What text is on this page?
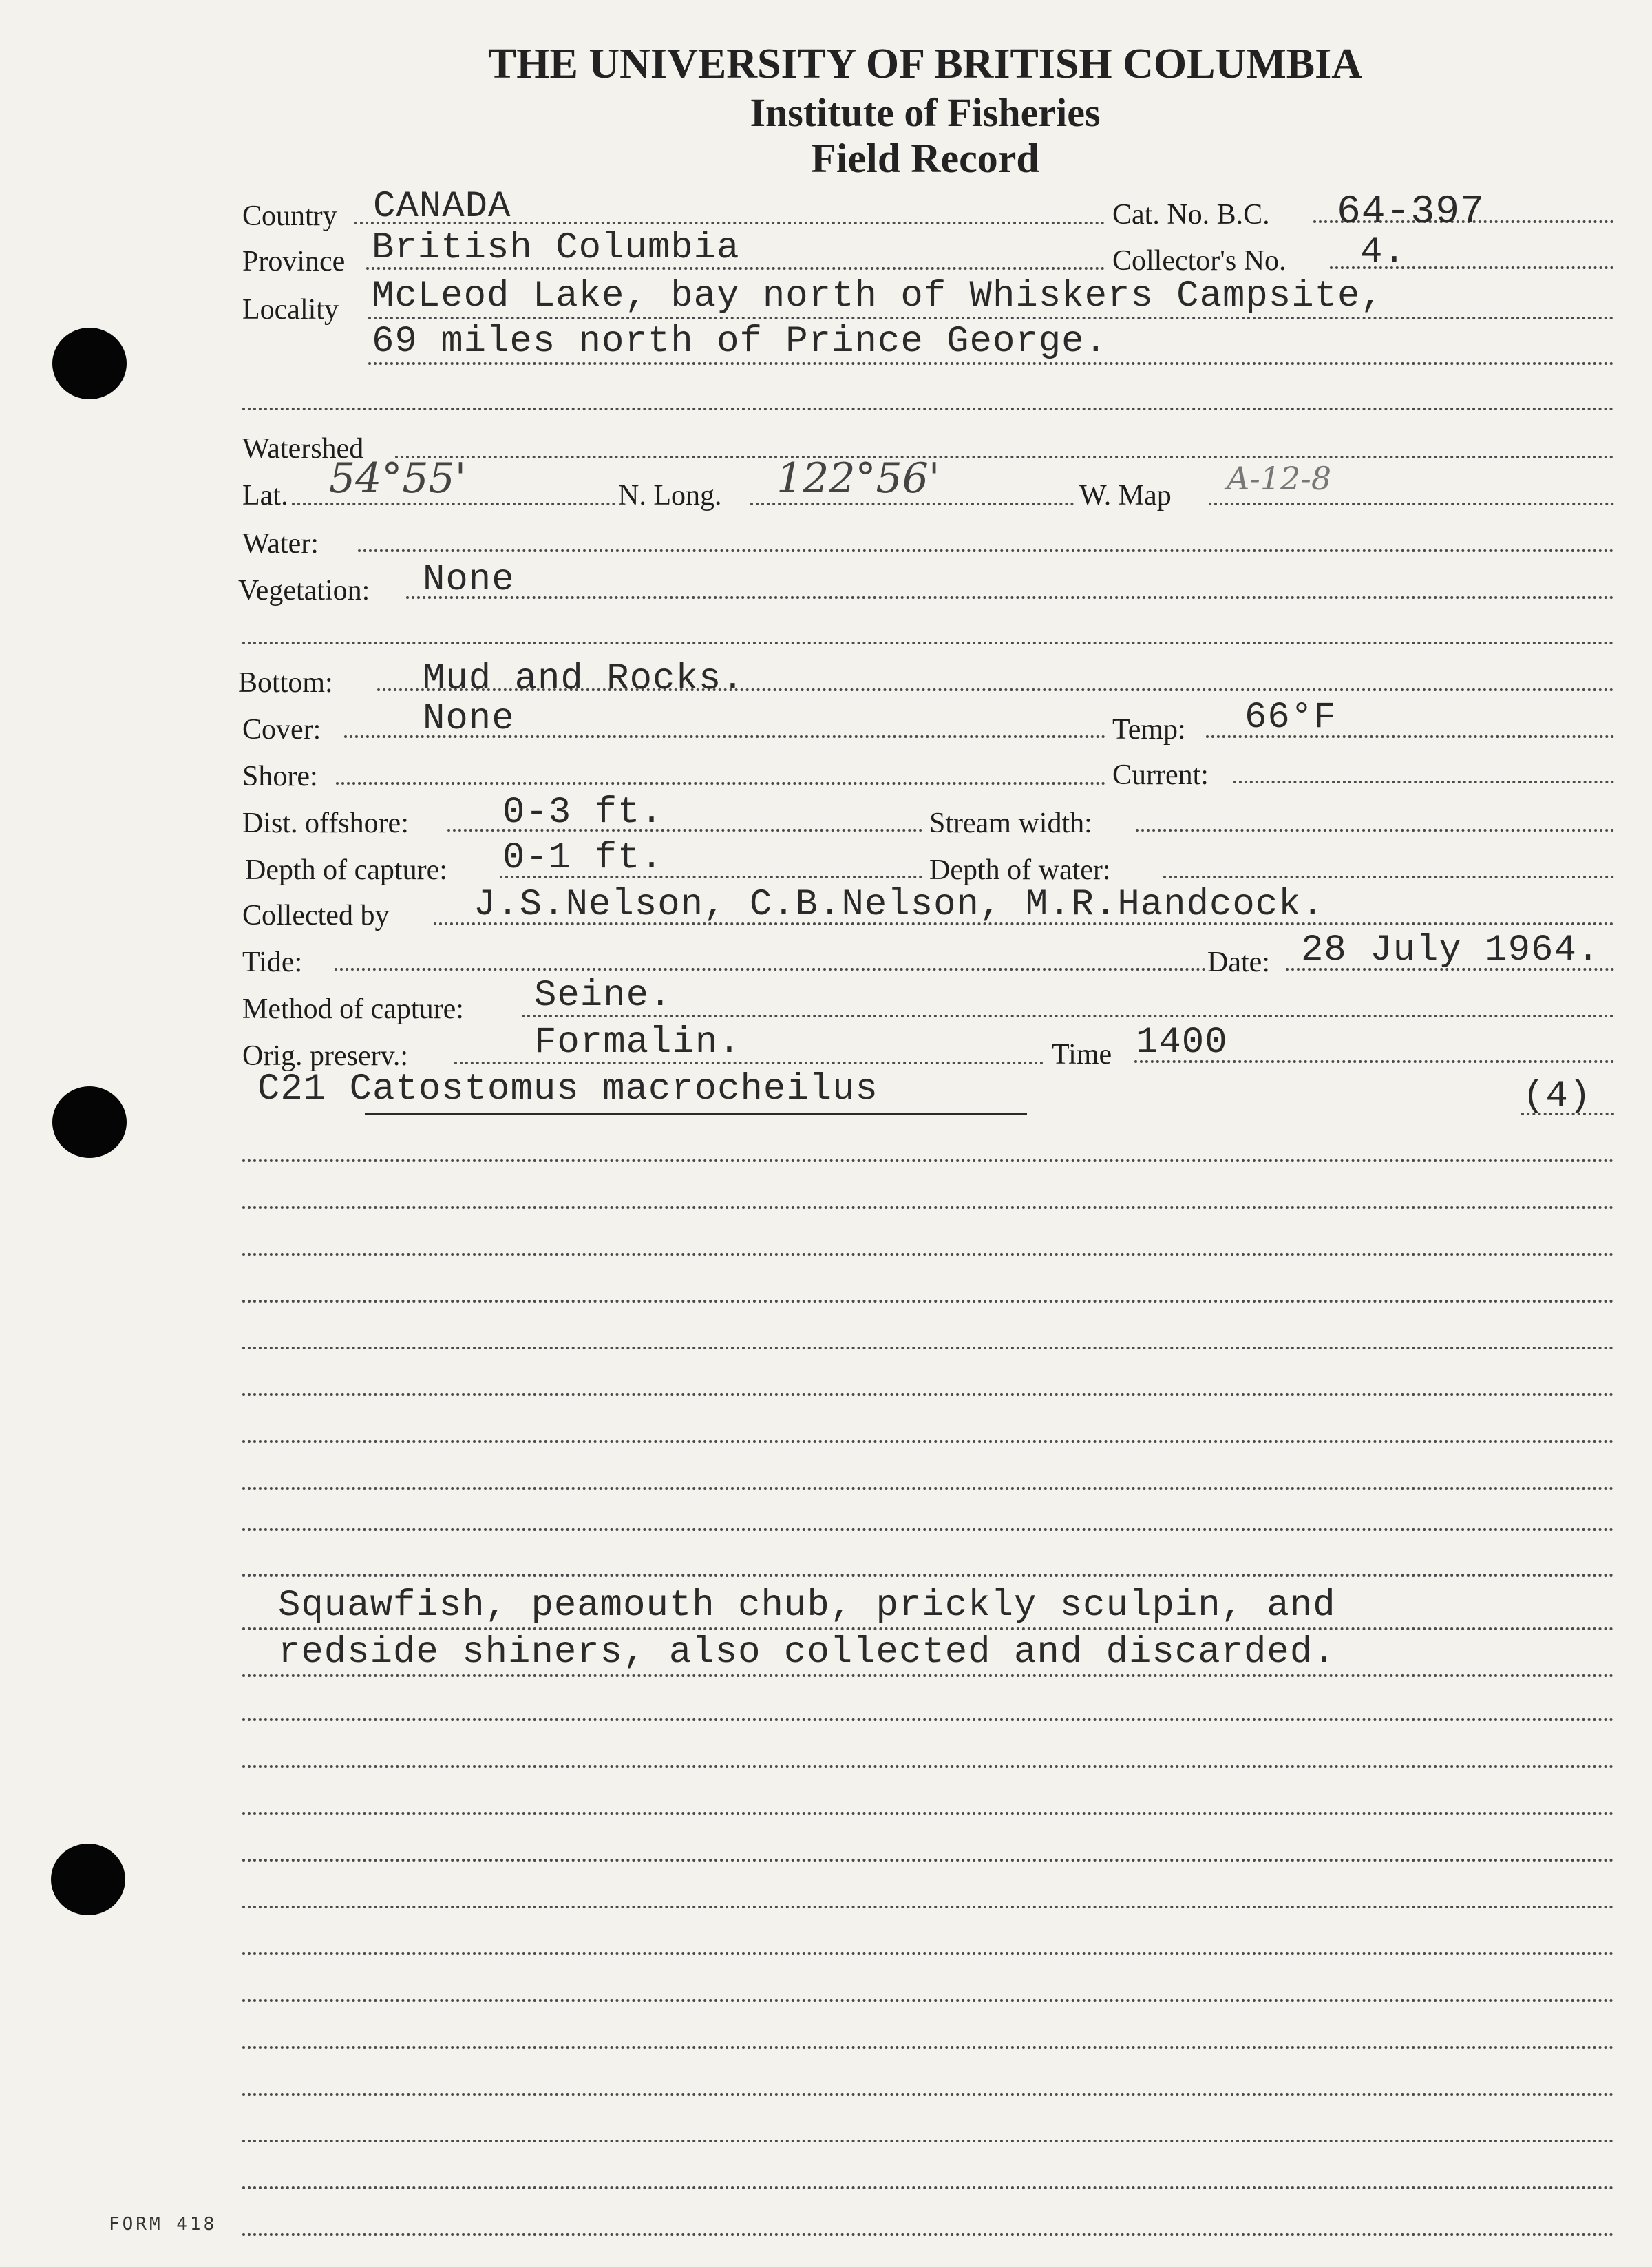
THE UNIVERSITY OF BRITISH COLUMBIA
Institute of Fisheries
Field Record
Country CANADA	Cat. No. B.C. 64-397
Province British Columbia	Collector's No. 4.
Locality McLeod Lake, bay north of Whiskers Campsite,
69 miles north of Prince George.
Watershed
Lat. 54°55'	N. Long. 122°56'	W. Map A-12-8
Water:
Vegetation: None
Bottom: Mud and Rocks.
Cover:	None	Temp: 66°F
Shore:	Current:
Dist. offshore:	0-3 ft.	Stream width:
Depth of capture: 0-1 ft.	Depth of water:
Collected by J.S.Nelson, C.B.Nelson, M.R.Handcock.
Tide:	Date: 28 July 1964.
Method of capture: Seine.
Orig. preserv.:	Formalin.	Time 1400
C21 Catostomus macrocheilus	(4)
Squawfish, peamouth chub, prickly sculpin, and
redside shiners, also collected and discarded.
FORM 418
